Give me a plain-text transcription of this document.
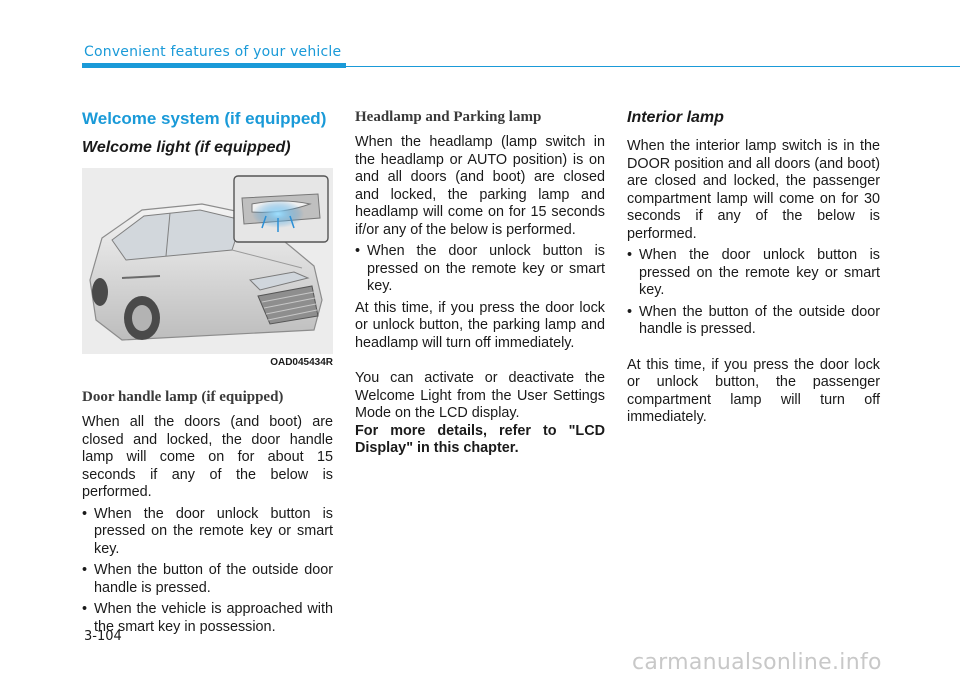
Convenient features of your vehicle
Welcome system (if equipped)
Welcome light (if equipped)
OAD045434R
Door handle lamp (if equipped)

When all the doors (and boot) are closed and locked, the door handle lamp will come on for about 15 seconds if any of the below is performed.

• When the door unlock button is pressed on the remote key or smart key.
• When the button of the outside door handle is pressed.
• When the vehicle is approached with the smart key in possession.
Headlamp and Parking lamp

When the headlamp (lamp switch in the headlamp or AUTO position) is on and all doors (and boot) are closed and locked, the parking lamp and headlamp will come on for 15 seconds if/or any of the below is performed.

• When the door unlock button is pressed on the remote key or smart key.

At this time, if you press the door lock or unlock button, the parking lamp and headlamp will turn off immediately.

You can activate or deactivate the Welcome Light from the User Settings Mode on the LCD display.

For more details, refer to "LCD Display" in this chapter.

Interior lamp

When the interior lamp switch is in the DOOR position and all doors (and boot) are closed and locked, the passenger compartment lamp will come on for 30 seconds if any of the below is performed.

• When the door unlock button is pressed on the remote key or smart key.
• When the button of the outside door handle is pressed.

At this time, if you press the door lock or unlock button, the passenger compartment lamp will turn off immediately.

3-104
carmanualsonline.info
